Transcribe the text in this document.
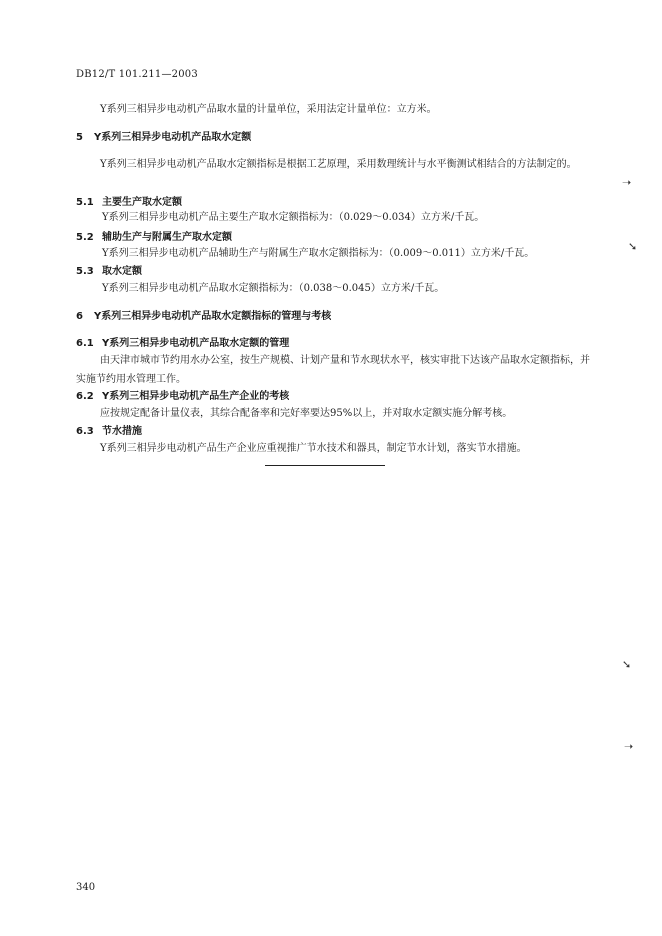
DB12/T 101.211—2003
Y系列三相异步电动机产品取水量的计量单位，采用法定计量单位：立方米。
5 Y系列三相异步电动机产品取水定额
Y系列三相异步电动机产品取水定额指标是根据工艺原理，采用数理统计与水平衡测试相结合的方法制定的。
5.1 主要生产取水定额
Y系列三相异步电动机产品主要生产取水定额指标为：（0.029～0.034）立方米/千瓦。
5.2 辅助生产与附属生产取水定额
Y系列三相异步电动机产品辅助生产与附属生产取水定额指标为：（0.009～0.011）立方米/千瓦。
5.3 取水定额
Y系列三相异步电动机产品取水定额指标为：（0.038～0.045）立方米/千瓦。
6 Y系列三相异步电动机产品取水定额指标的管理与考核
6.1 Y系列三相异步电动机产品取水定额的管理
由天津市城市节约用水办公室，按生产规模、计划产量和节水现状水平，核实审批下达该产品取水定额指标，并实施节约用水管理工作。
6.2 Y系列三相异步电动机产品生产企业的考核
应按规定配备计量仪表，其综合配备率和完好率要达95%以上，并对取水定额实施分解考核。
6.3 节水措施
Y系列三相异步电动机产品生产企业应重视推广节水技术和器具，制定节水计划，落实节水措施。
➝
➘
➘
➝
340
